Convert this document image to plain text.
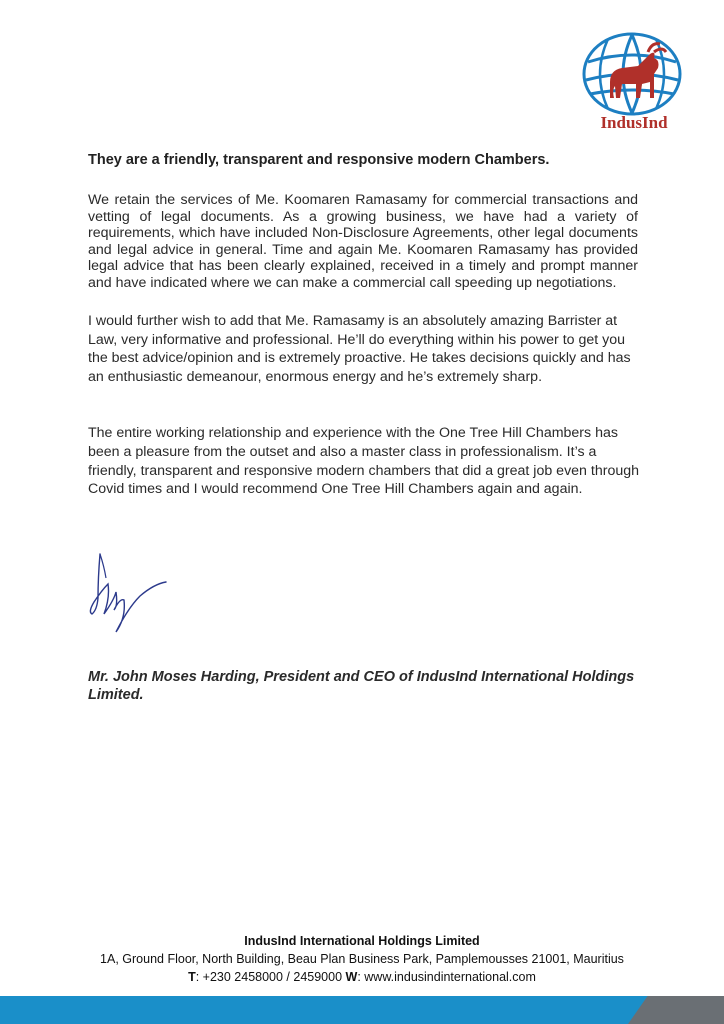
IndusInd
They are a friendly, transparent and responsive modern Chambers.
We retain the services of Me. Koomaren Ramasamy for commercial transactions and vetting of legal documents. As a growing business, we have had a variety of requirements, which have included Non-Disclosure Agreements, other legal documents and legal advice in general. Time and again Me. Koomaren Ramasamy has provided legal advice that has been clearly explained, received in a timely and prompt manner and have indicated where we can make a commercial call speeding up negotiations.
I would further wish to add that Me. Ramasamy is an absolutely amazing Barrister at Law, very informative and professional. He’ll do everything within his power to get you the best advice/opinion and is extremely proactive. He takes decisions quickly and has an enthusiastic demeanour, enormous energy and he’s extremely sharp.
The entire working relationship and experience with the One Tree Hill Chambers has been a pleasure from the outset and also a master class in professionalism. It’s a friendly, transparent and responsive modern chambers that did a great job even through Covid times and I would recommend One Tree Hill Chambers again and again.
Mr. John Moses Harding, President and CEO of IndusInd International Holdings Limited.
IndusInd International Holdings Limited
1A, Ground Floor, North Building, Beau Plan Business Park, Pamplemousses 21001, Mauritius
T: +230 2458000 / 2459000 W: www.indusindinternational.com
